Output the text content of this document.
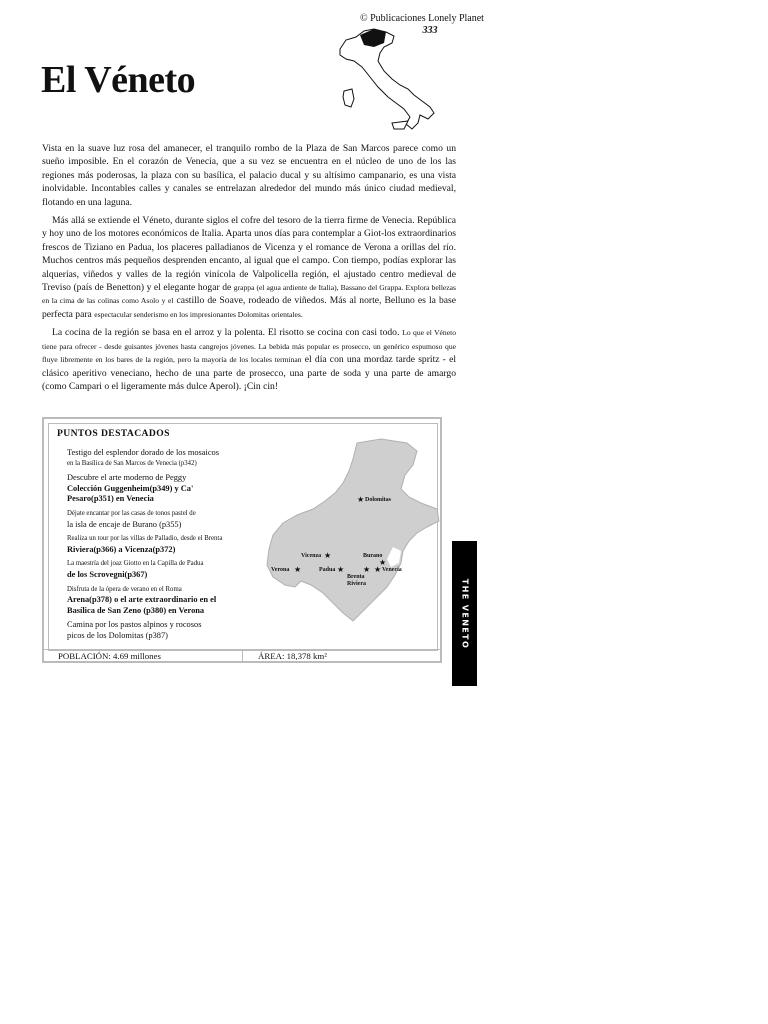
© Publicaciones Lonely Planet
333
El Véneto

Vista en la suave luz rosa del amanecer, el tranquilo rombo de la Plaza de San Marcos parece como un sueño imposible. En el corazón de Venecia, que a su vez se encuentra en el núcleo de uno de los las regiones más poderosas, la plaza con su basílica, el palacio ducal y su altísimo campanario, es una vista inolvidable. Incontables calles y canales se entrelazan alrededor del mundo más único ciudad medieval, flotando en una laguna.

Más allá se extiende el Véneto, durante siglos el cofre del tesoro de la tierra firme de Venecia. República y hoy uno de los motores económicos de Italia. Aparta unos días para contemplar a Giot-los extraordinarios frescos de Tiziano en Padua, los placeres palladianos de Vicenza y el romance de Verona a orillas del río. Muchos centros más pequeños desprenden encanto, al igual que el campo. Con tiempo, podías explorar las alquerías, viñedos y valles de la región vinícola de Valpolicella región, el ajustado centro medieval de Treviso (país de Benetton) y el elegante hogar de grappa (el agua ardiente de Italia), Bassano del Grappa. Explora bellezas en la cima de las colinas como Asolo y el castillo de Soave, rodeado de viñedos. Más al norte, Belluno es la base perfecta para espectacular senderismo en los impresionantes Dolomitas orientales.

La cocina de la región se basa en el arroz y la polenta. El risotto se cocina con casi todo. Lo que el Véneto tiene para ofrecer - desde guisantes jóvenes hasta cangrejos jóvenes. La bebida más popular es prosecco, un genérico espumoso que fluye libremente en los bares de la región, pero la mayoría de los locales terminan el día con una mordaz tarde spritz - el clásico aperitivo veneciano, hecho de una parte de prosecco, una parte de soda y una parte de amargo (como Campari o el ligeramente más dulce Aperol). ¡Cin cin!

PUNTOS DESTACADOS
Testigo del esplendor dorado de los mosaicos
en la Basílica de San Marcos de Venecia (p342)
Descubre el arte moderno de Peggy
Colección Guggenheim(p349) y Ca'
Pesaro(p351) en Venecia
Déjate encantar por las casas de tonos pastel de
la isla de encaje de Burano (p355)
Realiza un tour por las villas de Palladio, desde el Brenta
Riviera(p366) a Vicenza(p372)
La maestría del joaz Giotto en la Capilla de Padua
de los Scrovegni(p367)
Disfruta de la ópera de verano en el Roma
Arena(p378) o el arte extraordinario en el
Basílica de San Zeno (p380) en Verona
Camina por los pastos alpinos y rocosos
picos de los Dolomitas (p387)
★ Dolomitas
Vicenza ★	Burano
★
Verona ★	Padua ★ ★ ★ Venecia
Brenta
Riviera
POBLACIÓN: 4.69 millones	ÁREA: 18,378 km²
THE VENETO
